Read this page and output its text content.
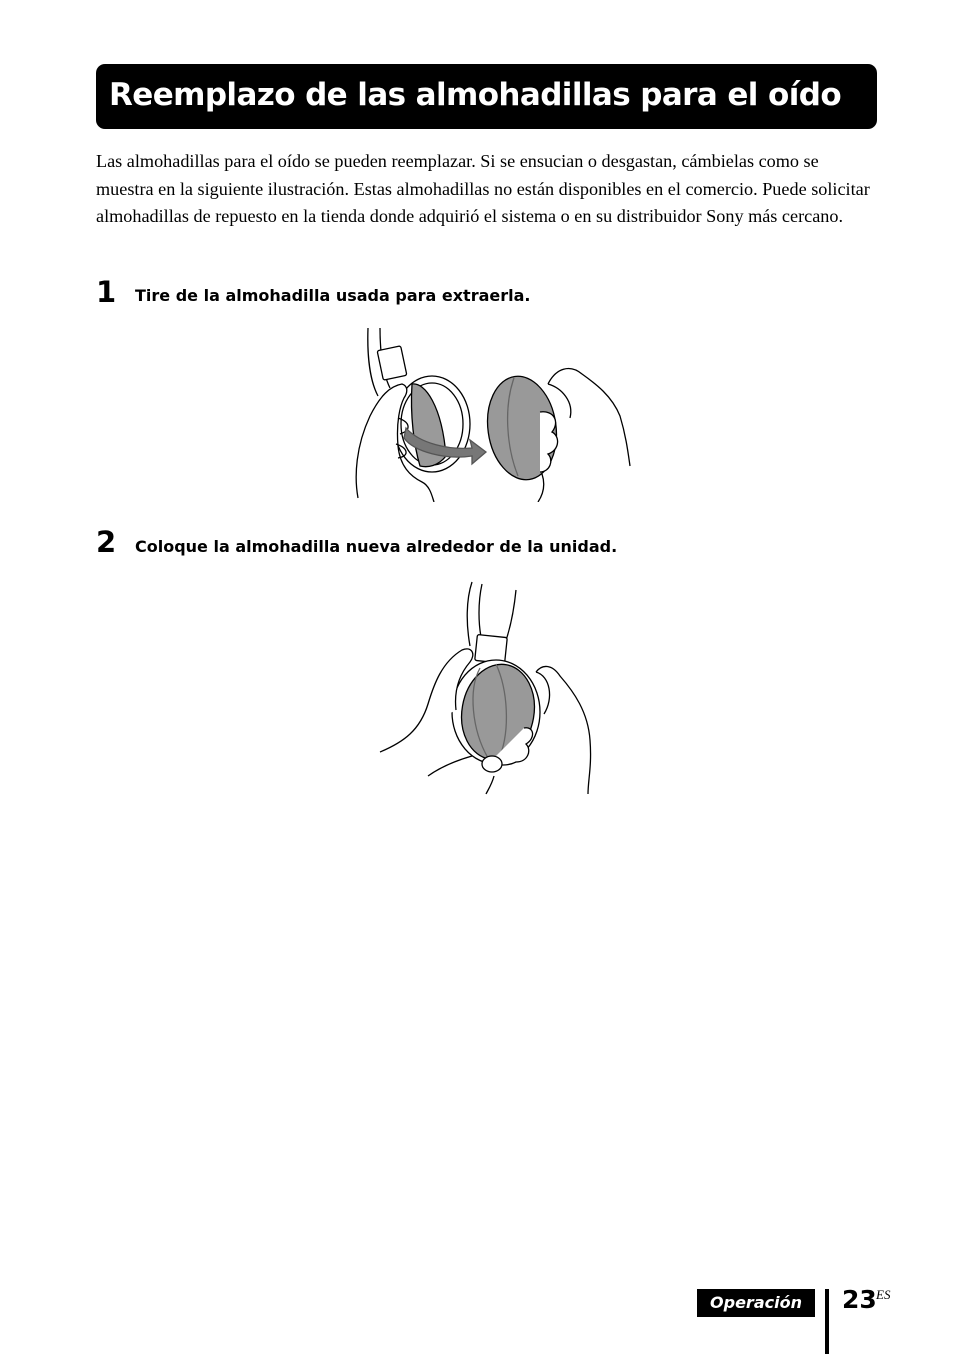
Reemplazo de las almohadillas para el oído

Las almohadillas para el oído se pueden reemplazar. Si se ensucian o desgastan, cámbielas como se muestra en la siguiente ilustración. Estas almohadillas no están disponibles en el comercio. Puede solicitar almohadillas de repuesto en la tienda donde adquirió el sistema o en su distribuidor Sony más cercano.

1 Tire de la almohadilla usada para extraerla.
2 Coloque la almohadilla nueva alrededor de la unidad.
Operación	23 ES
